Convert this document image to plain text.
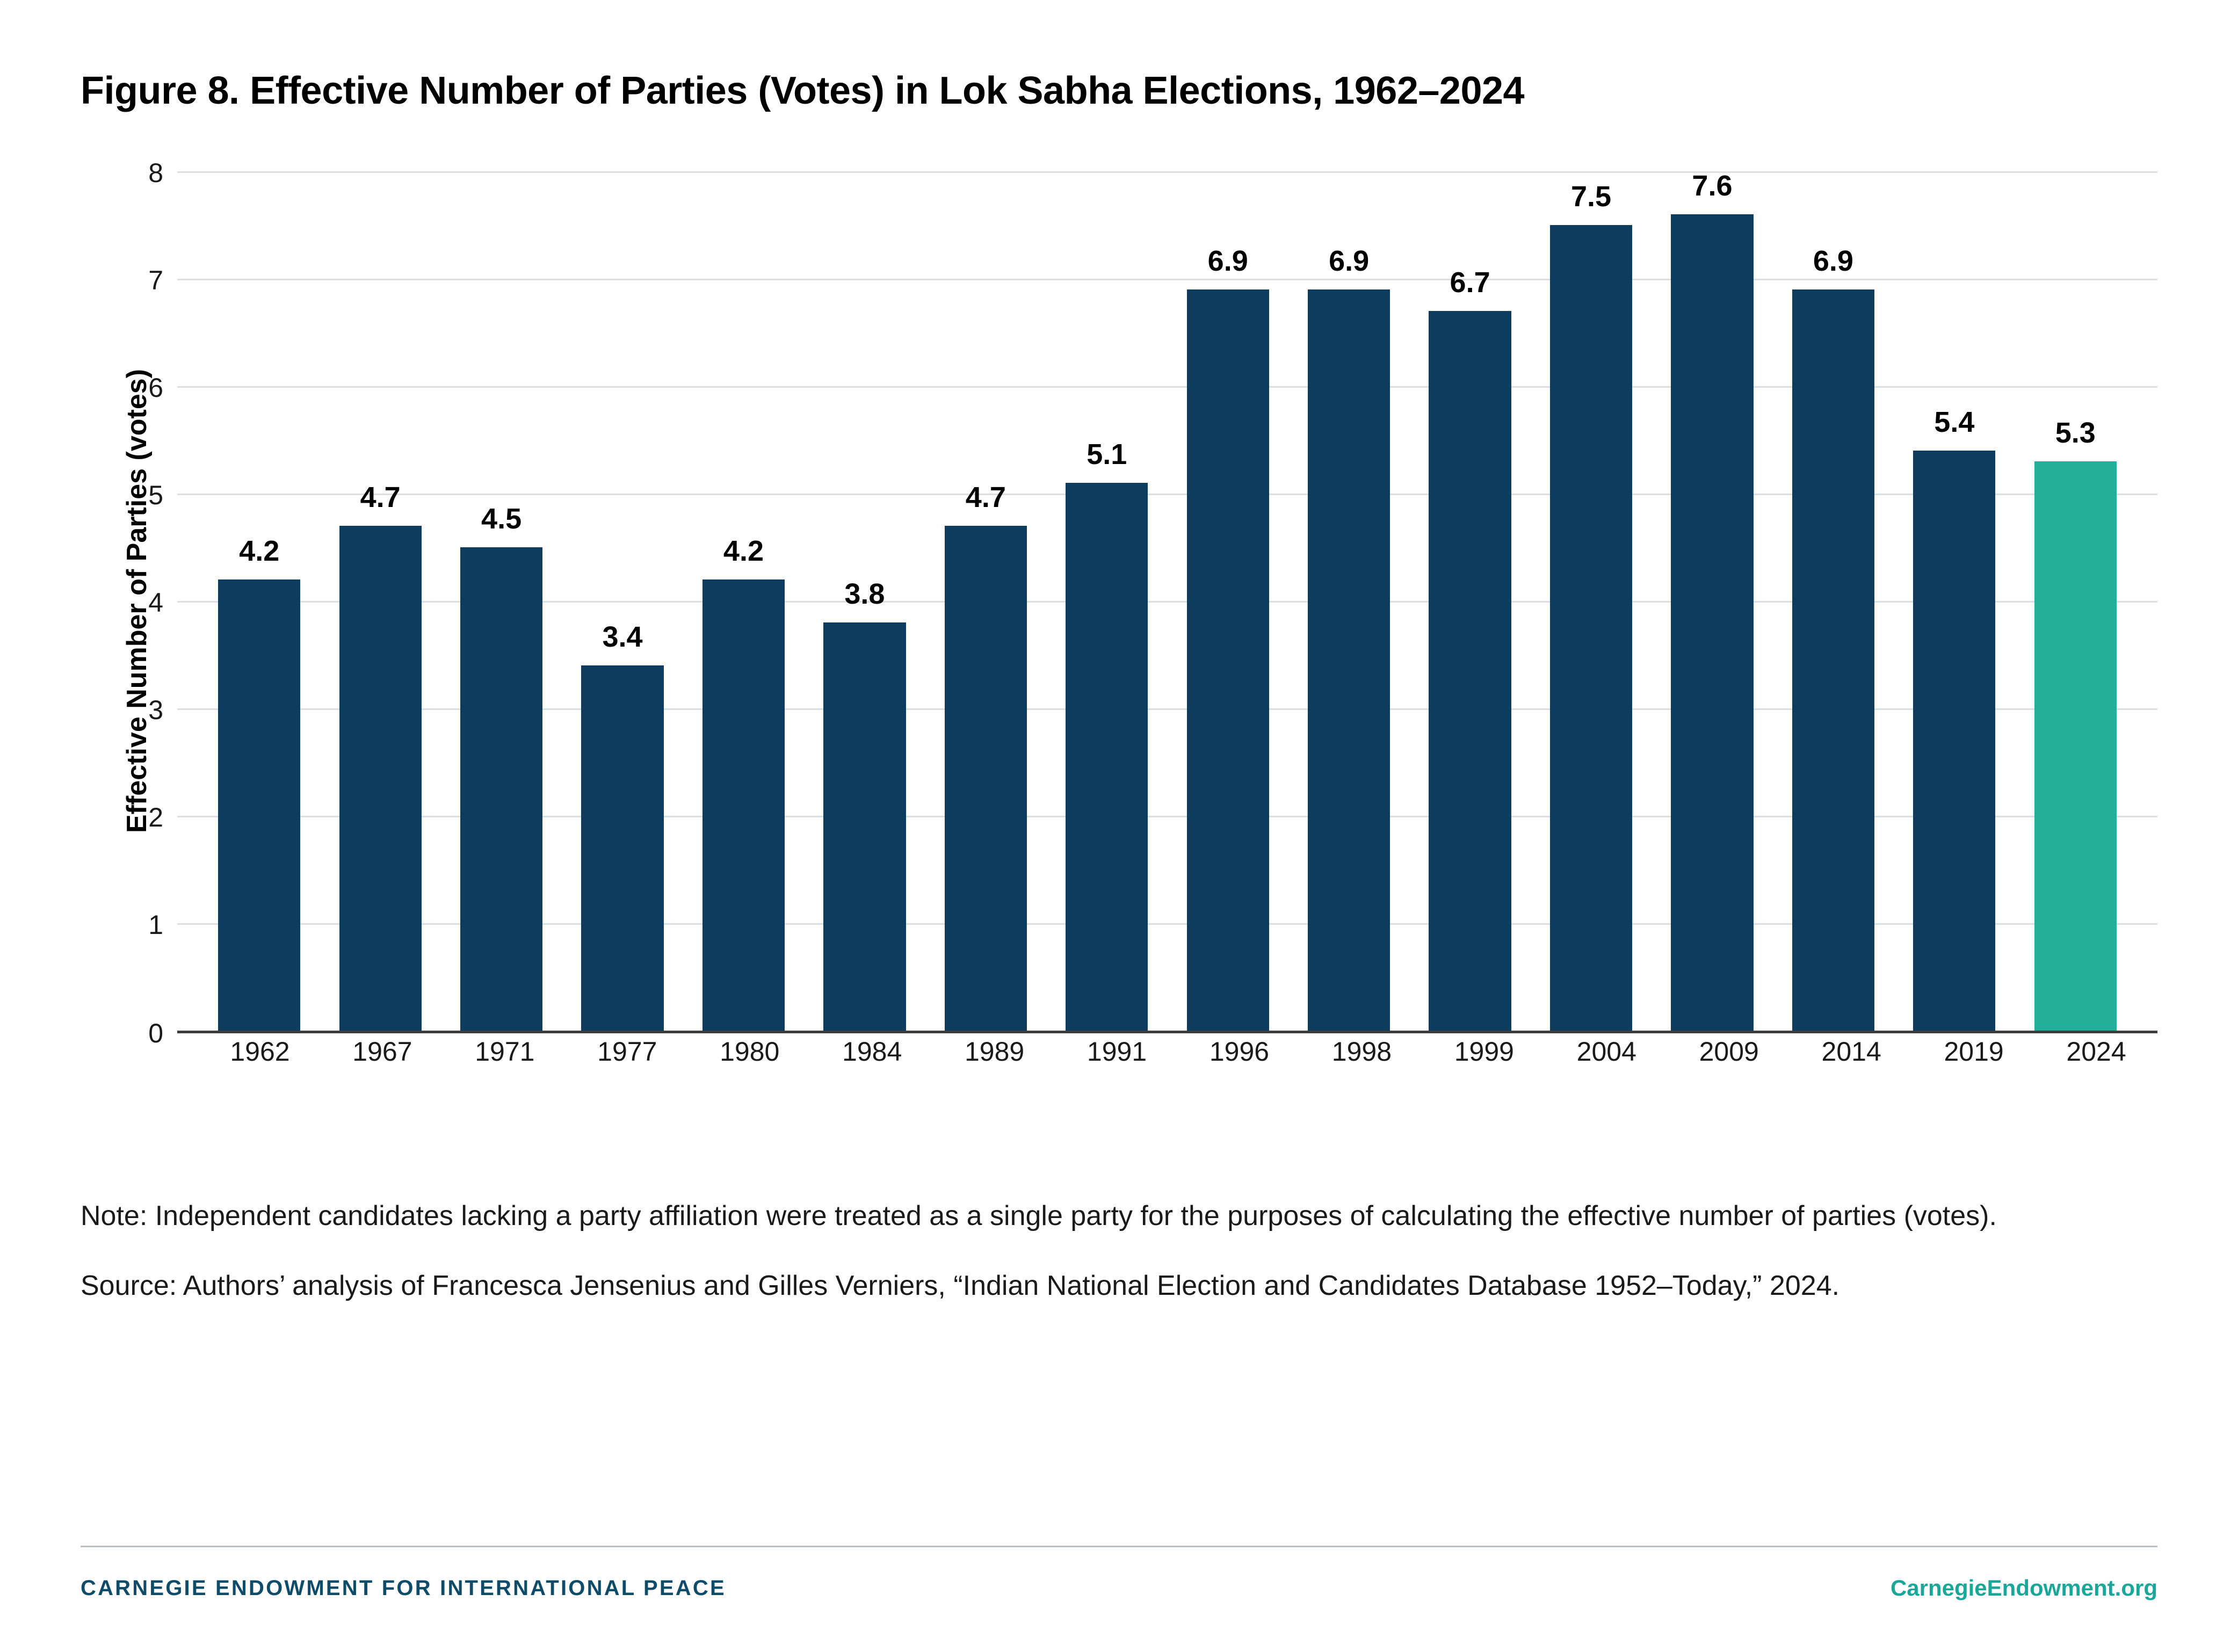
Figure 8. Effective Number of Parties (Votes) in Lok Sabha Elections, 1962–2024
Effective Number of Parties (votes)
8
7
6
5
4
3
2
1
0
4.2
4.7
4.5
3.4
4.2
3.8
4.7
5.1
6.9	6.9
6.7
7.5	7.6
6.9
5.4	5.3
1962	1967	1971	1977	1980	1984	1989	1991	1996	1998	1999	2004	2009	2014	2019	2024

Note: Independent candidates lacking a party affiliation were treated as a single party for the purposes of calculating the effective number of parties (votes).

Source: Authors’ analysis of Francesca Jensenius and Gilles Verniers, “Indian National Election and Candidates Database 1952–Today,” 2024.

CARNEGIE ENDOWMENT FOR INTERNATIONAL PEACE	CarnegieEndowment.org
